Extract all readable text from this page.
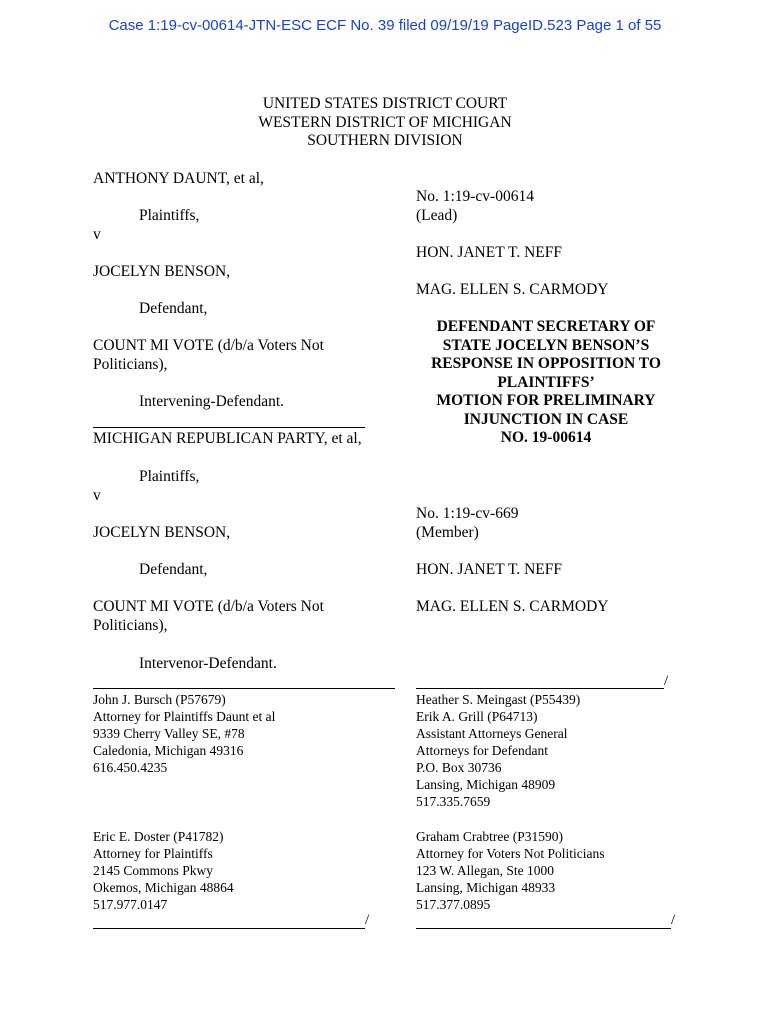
Case 1:19-cv-00614-JTN-ESC ECF No. 39 filed 09/19/19 PageID.523 Page 1 of 55
UNITED STATES DISTRICT COURT
WESTERN DISTRICT OF MICHIGAN
SOUTHERN DIVISION
ANTHONY DAUNT, et al,
Plaintiffs,
v
JOCELYN BENSON,
Defendant,
COUNT MI VOTE (d/b/a Voters Not
Politicians),
Intervening-Defendant.
MICHIGAN REPUBLICAN PARTY, et al,
Plaintiffs,
v
JOCELYN BENSON,
Defendant,
COUNT MI VOTE (d/b/a Voters Not
Politicians),
Intervenor-Defendant.
No. 1:19-cv-00614
(Lead)
HON. JANET T. NEFF
MAG. ELLEN S. CARMODY
DEFENDANT SECRETARY OF
STATE JOCELYN BENSON’S
RESPONSE IN OPPOSITION TO
PLAINTIFFS’
MOTION FOR PRELIMINARY
INJUNCTION IN CASE
NO. 19-00614
No. 1:19-cv-669
(Member)
HON. JANET T. NEFF
MAG. ELLEN S. CARMODY
/
John J. Bursch (P57679)
Attorney for Plaintiffs Daunt et al
9339 Cherry Valley SE, #78
Caledonia, Michigan 49316
616.450.4235
Heather S. Meingast (P55439)
Erik A. Grill (P64713)
Assistant Attorneys General
Attorneys for Defendant
P.O. Box 30736
Lansing, Michigan 48909
517.335.7659
Eric E. Doster (P41782)
Attorney for Plaintiffs
2145 Commons Pkwy
Okemos, Michigan 48864
517.977.0147
Graham Crabtree (P31590)
Attorney for Voters Not Politicians
123 W. Allegan, Ste 1000
Lansing, Michigan 48933
517.377.0895
/	/
